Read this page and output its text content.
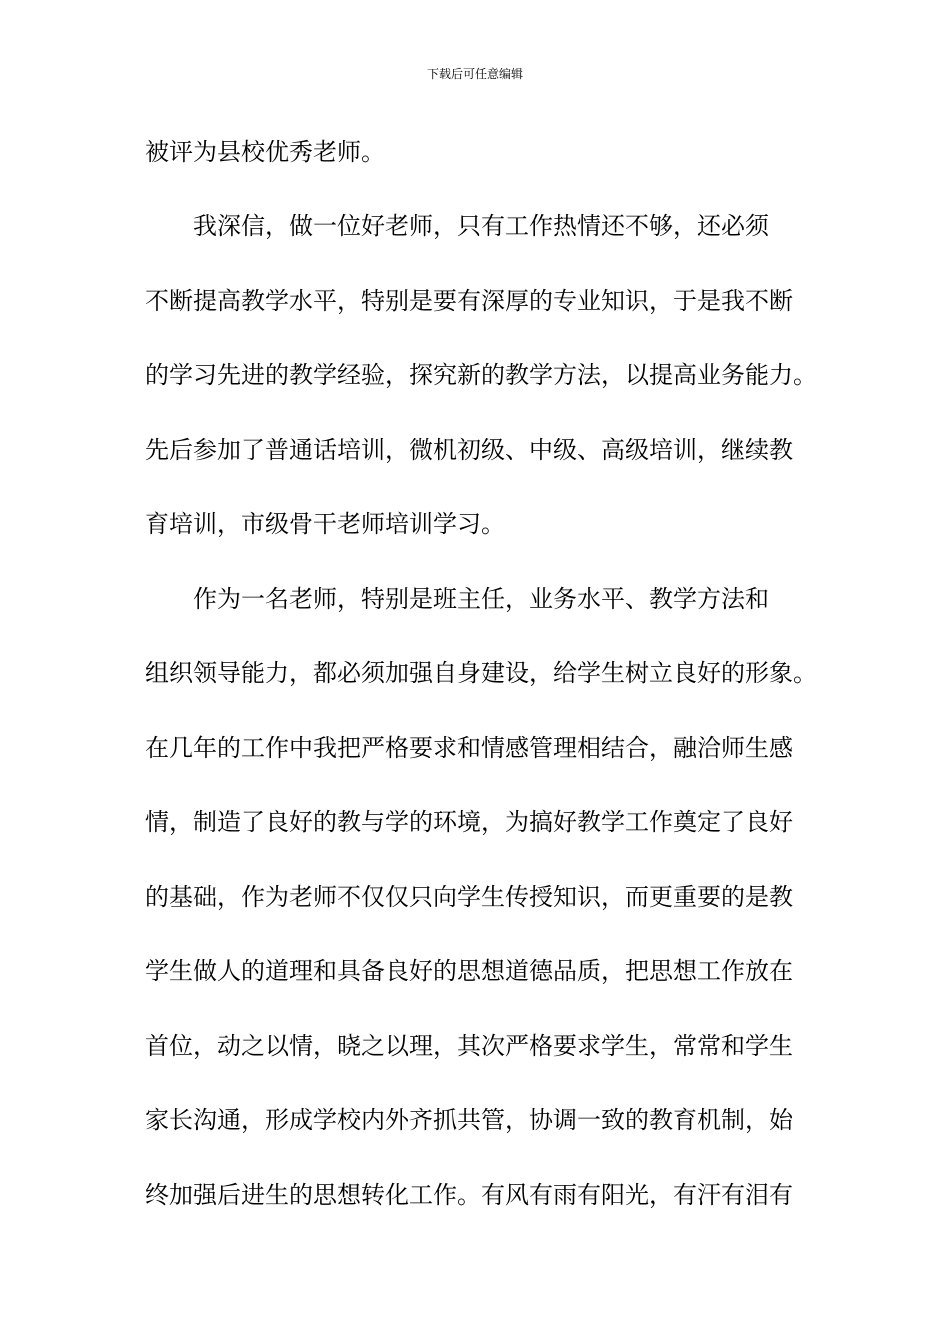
下载后可任意编辑
被评为县校优秀老师。
　　我深信，做一位好老师，只有工作热情还不够，还必须
不断提高教学水平，特别是要有深厚的专业知识，于是我不断
的学习先进的教学经验，探究新的教学方法，以提高业务能力。
先后参加了普通话培训，微机初级、中级、高级培训，继续教
育培训，市级骨干老师培训学习。
　　作为一名老师，特别是班主任，业务水平、教学方法和
组织领导能力，都必须加强自身建设，给学生树立良好的形象。
在几年的工作中我把严格要求和情感管理相结合，融洽师生感
情，制造了良好的教与学的环境，为搞好教学工作奠定了良好
的基础，作为老师不仅仅只向学生传授知识，而更重要的是教
学生做人的道理和具备良好的思想道德品质，把思想工作放在
首位，动之以情，晓之以理，其次严格要求学生，常常和学生
家长沟通，形成学校内外齐抓共管，协调一致的教育机制，始
终加强后进生的思想转化工作。有风有雨有阳光，有汗有泪有
